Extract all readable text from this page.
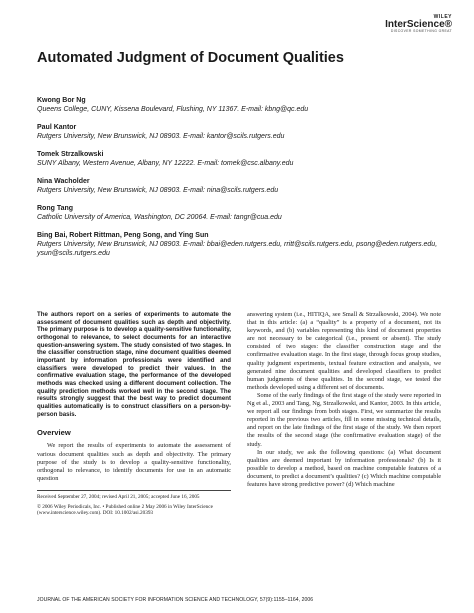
WILEY
InterScience®
DISCOVER SOMETHING GREAT
Automated Judgment of Document Qualities
Kwong Bor Ng
Queens College, CUNY, Kissena Boulevard, Flushing, NY 11367. E-mail: kbng@qc.edu
Paul Kantor
Rutgers University, New Brunswick, NJ 08903. E-mail: kantor@scils.rutgers.edu
Tomek Strzalkowski
SUNY Albany, Western Avenue, Albany, NY 12222. E-mail: tomek@csc.albany.edu
Nina Wacholder
Rutgers University, New Brunswick, NJ 08903. E-mail: nina@scils.rutgers.edu
Rong Tang
Catholic University of America, Washington, DC 20064. E-mail: tangr@cua.edu
Bing Bai, Robert Rittman, Peng Song, and Ying Sun
Rutgers University, New Brunswick, NJ 08903. E-mail: bbai@eden.rutgers.edu, rritt@scils.rutgers.edu, psong@eden.rutgers.edu, ysun@scils.rutgers.edu
The authors report on a series of experiments to automate the assessment of document qualities such as depth and objectivity. The primary purpose is to develop a quality-sensitive functionality, orthogonal to relevance, to select documents for an interactive question-answering system. The study consisted of two stages. In the classifier construction stage, nine document qualities deemed important by information professionals were identified and classifiers were developed to predict their values. In the confirmative evaluation stage, the performance of the developed methods was checked using a different document collection. The quality prediction methods worked well in the second stage. The results strongly suggest that the best way to predict document qualities automatically is to construct classifiers on a person-by-person basis.
Overview

We report the results of experiments to automate the assessment of various document qualities such as depth and objectivity. The primary purpose of the study is to develop a quality-sensitive functionality, orthogonal to relevance, to identify documents for use in an automatic question

Received September 27, 2004; revised April 21, 2005; accepted June 16, 2005

© 2006 Wiley Periodicals, Inc. • Published online 2 May 2006 in Wiley InterScience (www.interscience.wiley.com). DOI: 10.1002/asi.20393

answering system (i.e., HITIQA, see Small & Strzalkowski, 2004). We note that in this article: (a) a “quality” is a property of a document, not its keywords, and (b) variables representing this kind of document properties are not necessary to be categorical (i.e., present or absent). The study consisted of two stages: the classifier construction stage and the confirmative evaluation stage. In the first stage, through focus group studies, quality judgment experiments, textual feature extraction and analysis, we generated nine document qualities and developed classifiers to predict human judgments of these qualities. In the second stage, we tested the methods developed using a different set of documents.

Some of the early findings of the first stage of the study were reported in Ng et al., 2003 and Tang, Ng, Strzalkowski, and Kantor, 2003. In this article, we report all our findings from both stages. First, we summarize the results reported in the previous two articles, fill in some missing technical details, and report on the late findings of the first stage of the study. We then report the results of the second stage (the confirmative evaluation stage) of the study.

In our study, we ask the following questions: (a) What document qualities are deemed important by information professionals? (b) Is it possible to develop a method, based on machine computable features of a document, to predict a document’s qualities? (c) Which machine computable features have strong predictive power? (d) Which machine

JOURNAL OF THE AMERICAN SOCIETY FOR INFORMATION SCIENCE AND TECHNOLOGY, 57(9):1155–1164, 2006
